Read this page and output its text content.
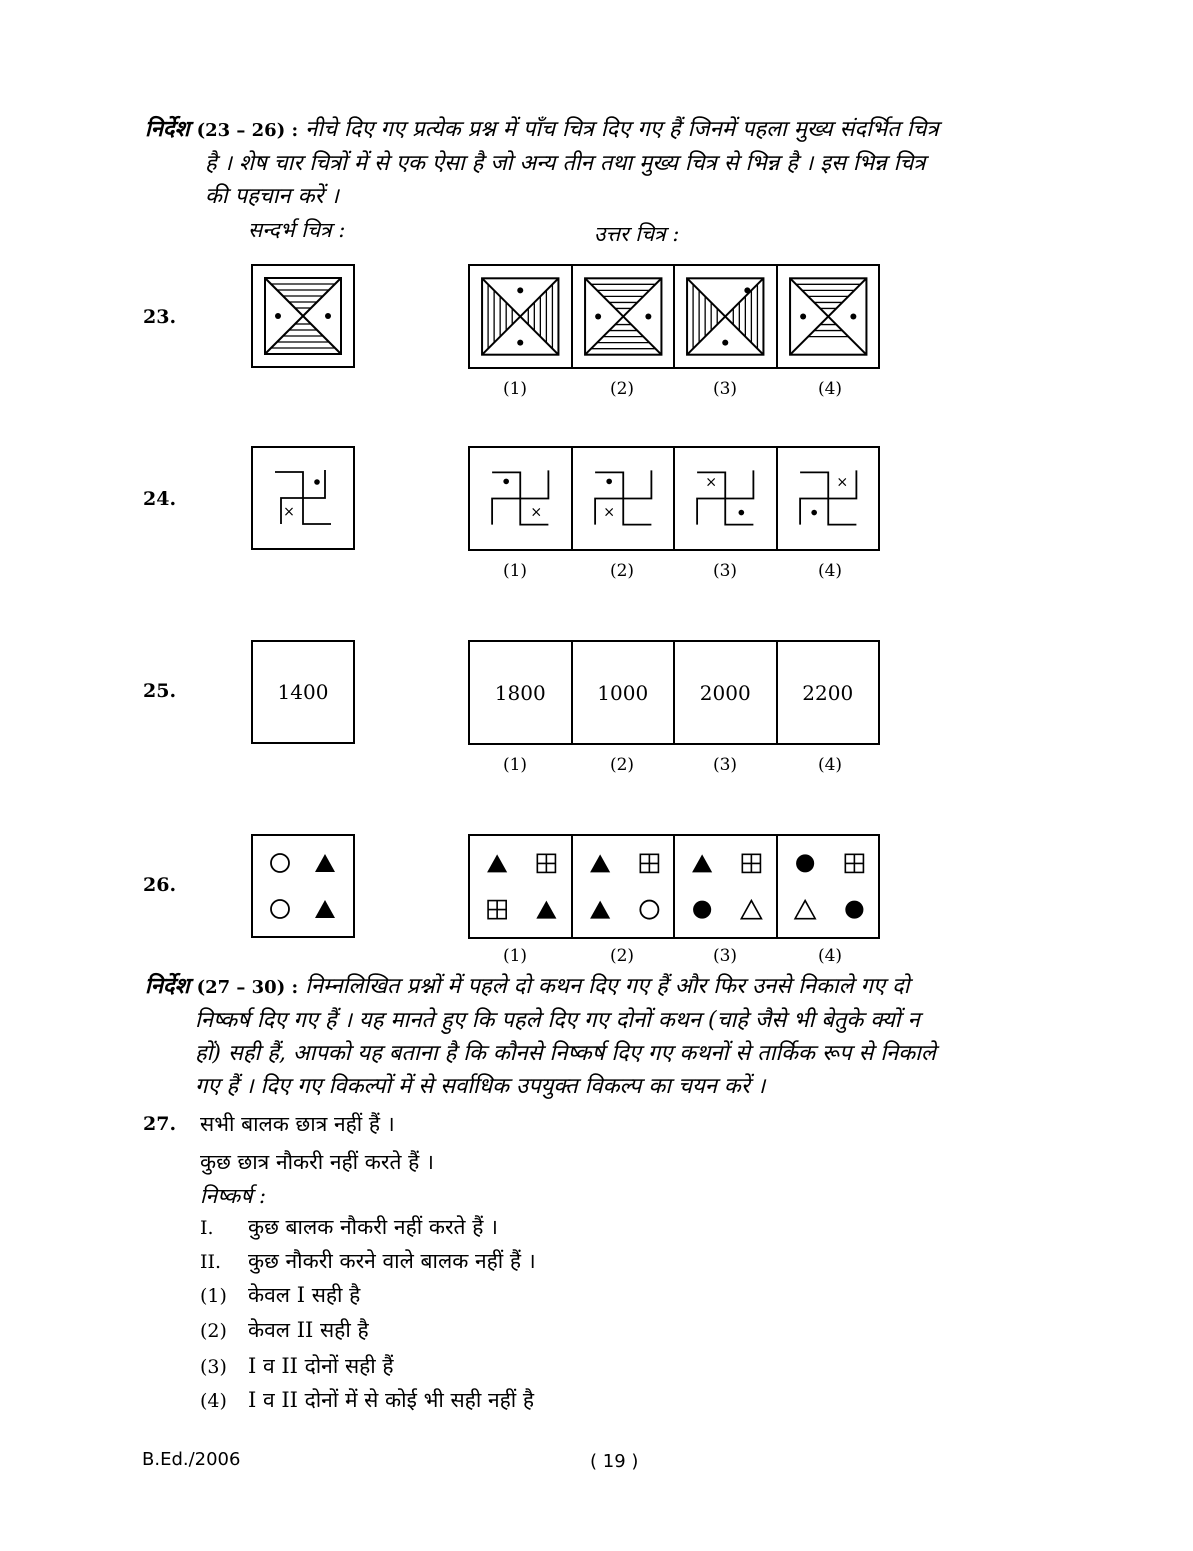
निर्देश (23 – 26) : नीचे दिए गए प्रत्येक प्रश्न में पाँच चित्र दिए गए हैं जिनमें पहला मुख्य संदर्भित चित्र
है । शेष चार चित्रों में से एक ऐसा है जो अन्य तीन तथा मुख्य चित्र से भिन्न है । इस भिन्न चित्र
की पहचान करें ।
सन्दर्भ चित्र :	उत्तर चित्र :
23.
(1)	(2)	(3)	(4)
24.
×	×	×
×	×
(1)	(2)	(3)	(4)
25.	1400	1800	1000	2000	2200
(1)	(2)	(3)	(4)
26.
(1)	(2)	(3)	(4)
निर्देश (27 – 30) : निम्नलिखित प्रश्नों में पहले दो कथन दिए गए हैं और फिर उनसे निकाले गए दो
निष्कर्ष दिए गए हैं । यह मानते हुए कि पहले दिए गए दोनों कथन (चाहे जैसे भी बेतुके क्यों न
हों) सही हैं, आपको यह बताना है कि कौनसे निष्कर्ष दिए गए कथनों से तार्किक रूप से निकाले
गए हैं । दिए गए विकल्पों में से सर्वाधिक उपयुक्त विकल्प का चयन करें ।
27. सभी बालक छात्र नहीं हैं ।
कुछ छात्र नौकरी नहीं करते हैं ।
निष्कर्ष :
I. कुछ बालक नौकरी नहीं करते हैं ।
II. कुछ नौकरी करने वाले बालक नहीं हैं ।
(1) केवल I सही है
(2) केवल II सही है
(3) I व II दोनों सही हैं
(4) I व II दोनों में से कोई भी सही नहीं है
B.Ed./2006	( 19 )
